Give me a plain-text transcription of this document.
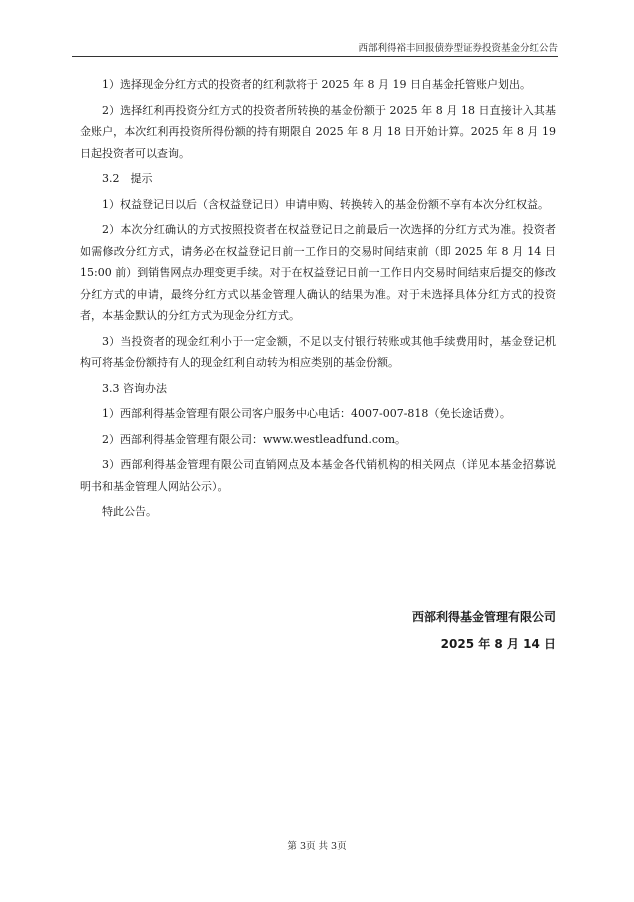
西部利得裕丰回报债券型证券投资基金分红公告

1）选择现金分红方式的投资者的红利款将于 2025 年 8 月 19 日自基金托管账户划出。

2）选择红利再投资分红方式的投资者所转换的基金份额于 2025 年 8 月 18 日直接计入其基金账户，本次红利再投资所得份额的持有期限自 2025 年 8 月 18 日开始计算。2025 年 8 月 19 日起投资者可以查询。

3.2　提示

1）权益登记日以后（含权益登记日）申请申购、转换转入的基金份额不享有本次分红权益。

2）本次分红确认的方式按照投资者在权益登记日之前最后一次选择的分红方式为准。投资者如需修改分红方式，请务必在权益登记日前一工作日的交易时间结束前（即 2025 年 8 月 14 日 15:00 前）到销售网点办理变更手续。对于在权益登记日前一工作日内交易时间结束后提交的修改分红方式的申请，最终分红方式以基金管理人确认的结果为准。对于未选择具体分红方式的投资者，本基金默认的分红方式为现金分红方式。

3）当投资者的现金红利小于一定金额，不足以支付银行转账或其他手续费用时，基金登记机构可将基金份额持有人的现金红利自动转为相应类别的基金份额。

3.3 咨询办法

1）西部利得基金管理有限公司客户服务中心电话：4007-007-818（免长途话费）。

2）西部利得基金管理有限公司：www.westleadfund.com。

3）西部利得基金管理有限公司直销网点及本基金各代销机构的相关网点（详见本基金招募说明书和基金管理人网站公示）。

特此公告。

西部利得基金管理有限公司
2025 年 8 月 14 日
第 3页 共 3页
